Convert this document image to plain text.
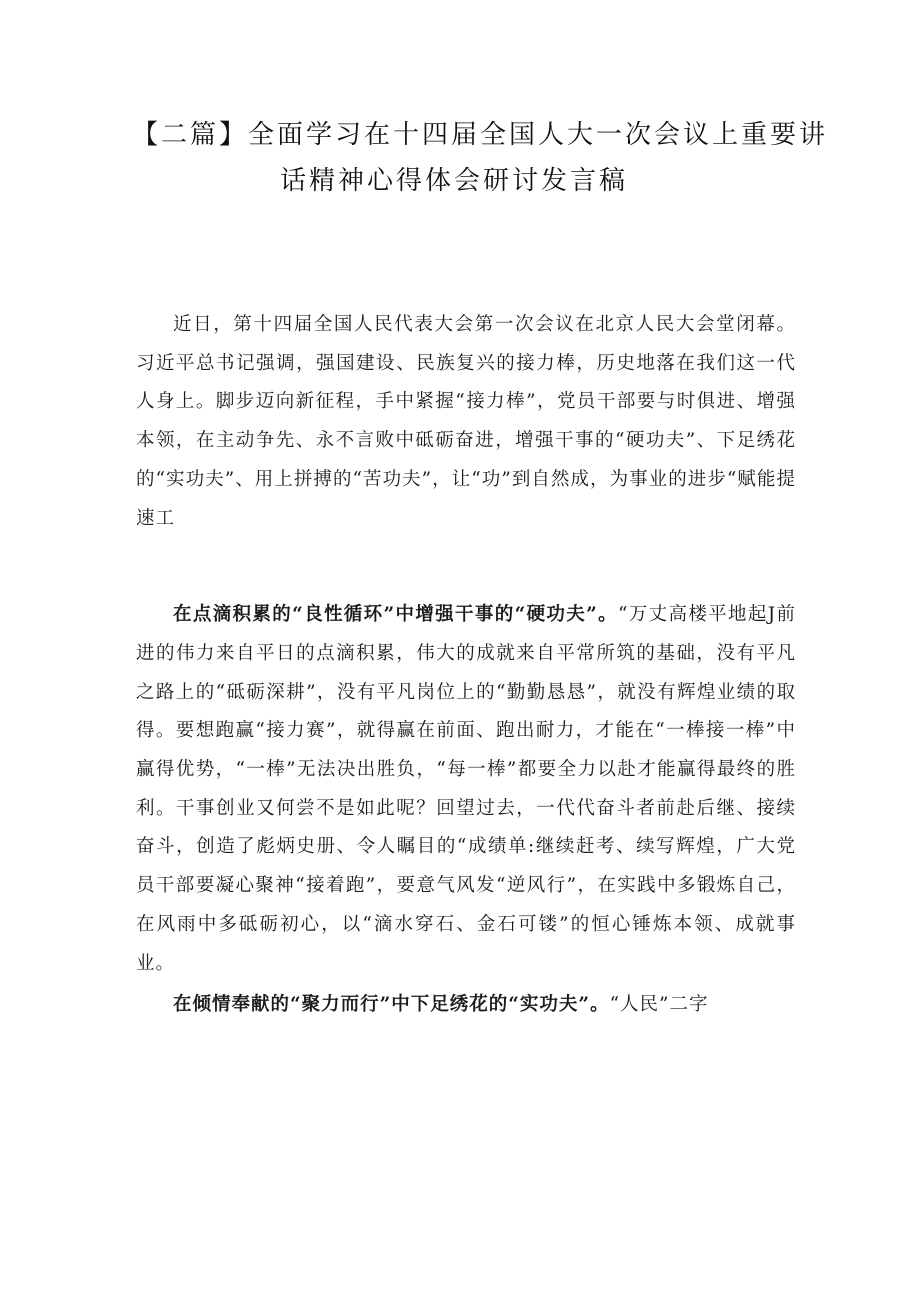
【二篇】全面学习在十四届全国人大一次会议上重要讲
话精神心得体会研讨发言稿

近日，第十四届全国人民代表大会第一次会议在北京人民大会堂闭幕。习近平总书记强调，强国建设、民族复兴的接力棒，历史地落在我们这一代人身上。脚步迈向新征程，手中紧握“接力棒”，党员干部要与时俱进、增强本领，在主动争先、永不言败中砥砺奋进，增强干事的“硬功夫”、下足绣花的“实功夫”、用上拼搏的“苦功夫”，让“功”到自然成，为事业的进步“赋能提速工

在点滴积累的“良性循环”中增强干事的“硬功夫”。“万丈高楼平地起J前进的伟力来自平日的点滴积累，伟大的成就来自平常所筑的基础，没有平凡之路上的“砥砺深耕”，没有平凡岗位上的“勤勤恳恳”，就没有辉煌业绩的取得。要想跑赢“接力赛”，就得赢在前面、跑出耐力，才能在“一棒接一棒”中赢得优势，“一棒”无法决出胜负，“每一棒”都要全力以赴才能赢得最终的胜利。干事创业又何尝不是如此呢？回望过去，一代代奋斗者前赴后继、接续奋斗，创造了彪炳史册、令人瞩目的“成绩单:继续赶考、续写辉煌，广大党员干部要凝心聚神“接着跑”，要意气风发“逆风行”，在实践中多锻炼自己，在风雨中多砥砺初心，以“滴水穿石、金石可镂”的恒心锤炼本领、成就事业。

在倾情奉献的“聚力而行”中下足绣花的“实功夫”。“人民”二字
